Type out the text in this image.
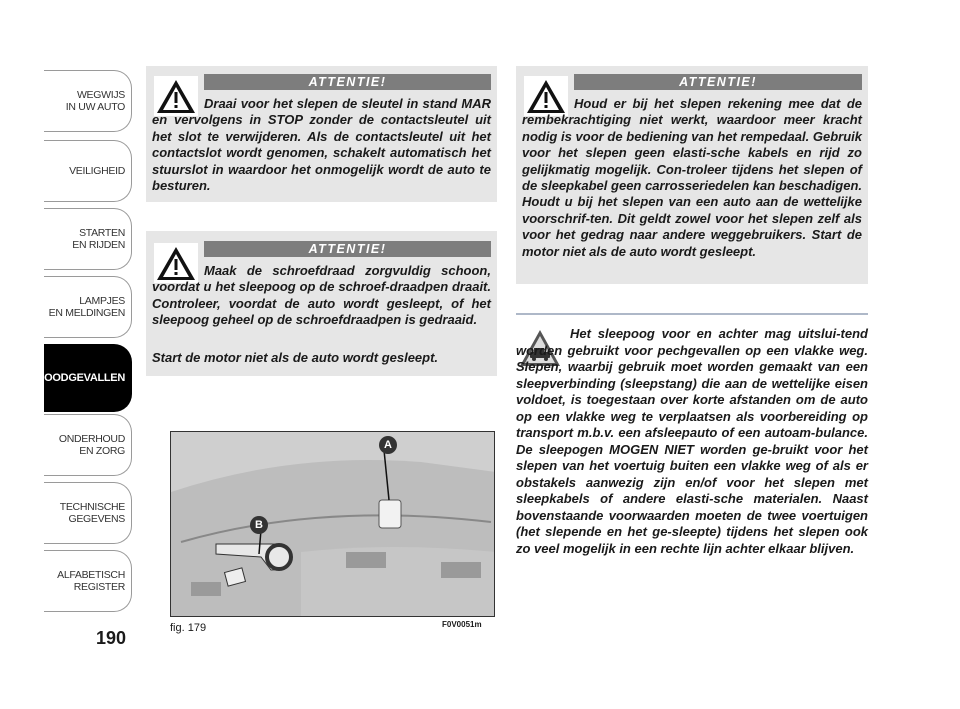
WEGWIJS
IN UW AUTO
VEILIGHEID
STARTEN
EN RIJDEN
LAMPJES
EN MELDINGEN
NOODGEVALLEN
ONDERHOUD
EN ZORG
TECHNISCHE
GEGEVENS
ALFABETISCH
REGISTER
190
ATTENTIE!

Draai voor het slepen de sleutel in stand MAR en vervolgens in STOP zonder de contactsleutel uit het slot te verwijderen. Als de contactsleutel uit het contactslot wordt genomen, schakelt automatisch het stuurslot in waardoor het onmogelijk wordt de auto te besturen.

ATTENTIE!

Maak de schroefdraad zorgvuldig schoon, voordat u het sleepoog op de schroef-draadpen draait. Controleer, voordat de auto wordt gesleept, of het sleepoog geheel op de schroefdraadpen is gedraaid.

Start de motor niet als de auto wordt gesleept.

ATTENTIE!

Houd er bij het slepen rekening mee dat de rembekrachtiging niet werkt, waardoor meer kracht nodig is voor de bediening van het rempedaal. Gebruik voor het slepen geen elasti-sche kabels en rijd zo gelijkmatig mogelijk. Con-troleer tijdens het slepen of de sleepkabel geen carrosseriedelen kan beschadigen. Houdt u bij het slepen van een auto aan de wettelijke voorschrif-ten. Dit geldt zowel voor het slepen zelf als voor het gedrag naar andere weggebruikers. Start de motor niet als de auto wordt gesleept.

Het sleepoog voor en achter mag uitslui-tend worden gebruikt voor pechgevallen op een vlakke weg. Slepen, waarbij gebruik moet worden gemaakt van een sleepverbinding (sleepstang) die aan de wettelijke eisen voldoet, is toegestaan over korte afstanden om de auto op een vlakke weg te verplaatsen als voorbereiding op transport m.b.v. een afsleepauto of een autoam-bulance. De sleepogen MOGEN NIET worden ge-bruikt voor het slepen van het voertuig buiten een vlakke weg of als er obstakels aanwezig zijn en/of voor het slepen met sleepkabels of andere elasti-sche materialen. Naast bovenstaande voorwaarden moeten de twee voertuigen (het slepende en het ge-sleepte) tijdens het slepen ook zo veel mogelijk in een rechte lijn achter elkaar blijven.

A
B
fig. 179	F0V0051m
